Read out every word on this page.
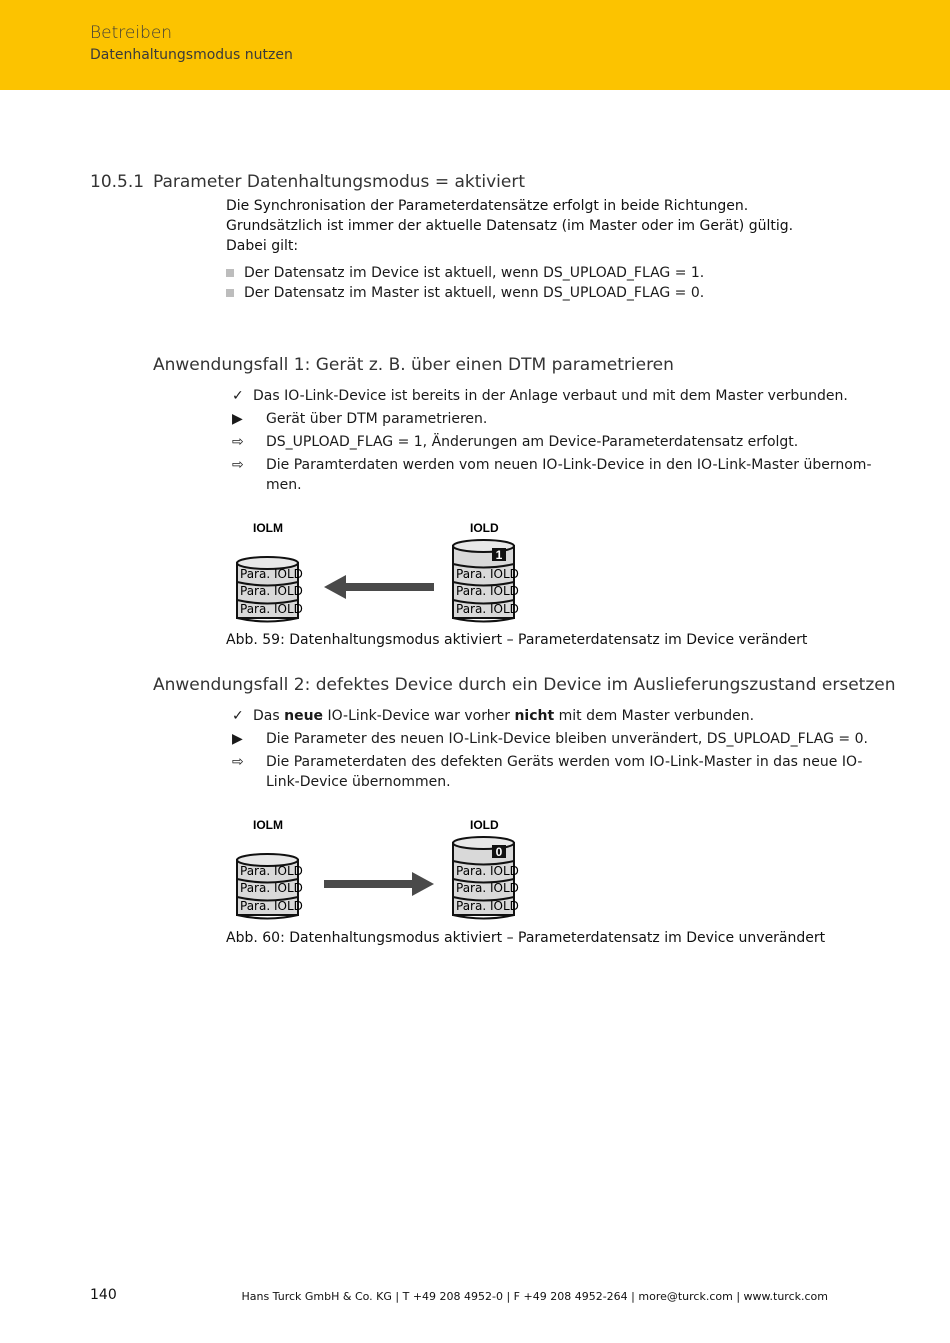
Betreiben
Datenhaltungsmodus nutzen
10.5.1 Parameter Datenhaltungsmodus = aktiviert
Die Synchronisation der Parameterdatensätze erfolgt in beide Richtungen.
Grundsätzlich ist immer der aktuelle Datensatz (im Master oder im Gerät) gültig.
Dabei gilt:
Der Datensatz im Device ist aktuell, wenn DS_UPLOAD_FLAG = 1.
Der Datensatz im Master ist aktuell, wenn DS_UPLOAD_FLAG = 0.
Anwendungsfall 1: Gerät z. B. über einen DTM parametrieren
✓ Das IO-Link-Device ist bereits in der Anlage verbaut und mit dem Master verbunden.
▶	Gerät über DTM parametrieren.
⇨	DS_UPLOAD_FLAG = 1, Änderungen am Device-Parameterdatensatz erfolgt.
⇨	Die Paramterdaten werden vom neuen IO-Link-Device in den IO-Link-Master übernom-men.
IOLM	IOLD
Para. IOLD
Para. IOLD
Para. IOLD
1
Para. IOLD
Para. IOLD
Para. IOLD
Abb. 59: Datenhaltungsmodus aktiviert – Parameterdatensatz im Device verändert
Anwendungsfall 2: defektes Device durch ein Device im Auslieferungszustand ersetzen
✓ Das neue IO-Link-Device war vorher nicht mit dem Master verbunden.
▶	Die Parameter des neuen IO-Link-Device bleiben unverändert, DS_UPLOAD_FLAG = 0.
⇨	Die Parameterdaten des defekten Geräts werden vom IO-Link-Master in das neue IO-Link-Device übernommen.
IOLM	IOLD
Para. IOLD
Para. IOLD
Para. IOLD
0
Para. IOLD
Para. IOLD
Para. IOLD
Abb. 60: Datenhaltungsmodus aktiviert – Parameterdatensatz im Device unverändert
140	Hans Turck GmbH & Co. KG | T +49 208 4952-0 | F +49 208 4952-264 | more@turck.com | www.turck.com
